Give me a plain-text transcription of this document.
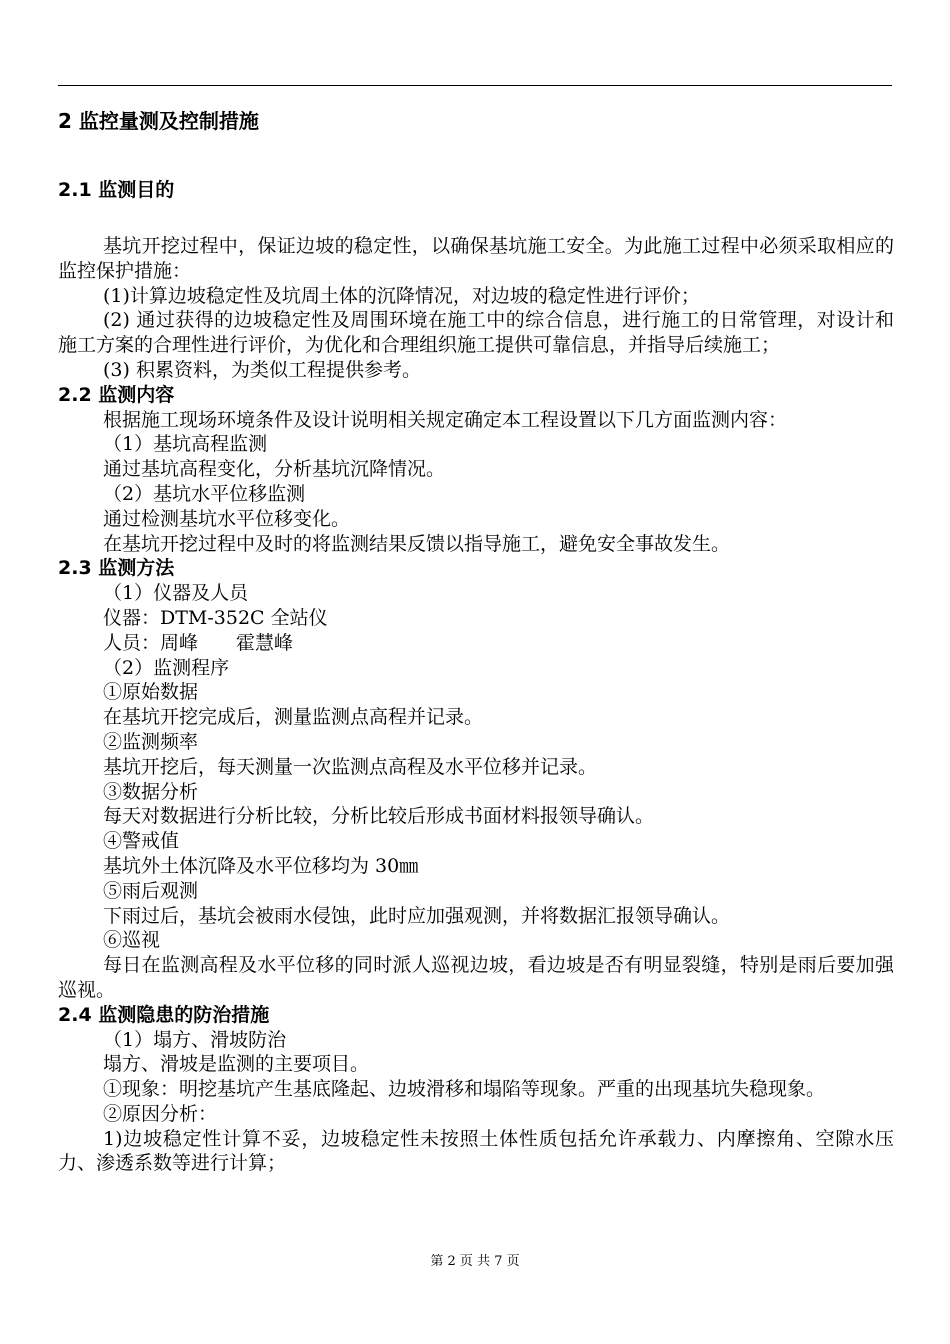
2 监控量测及控制措施
2.1 监测目的

基坑开挖过程中，保证边坡的稳定性，以确保基坑施工安全。为此施工过程中必须采取相应的监控保护措施：

(1)计算边坡稳定性及坑周土体的沉降情况，对边坡的稳定性进行评价；

(2) 通过获得的边坡稳定性及周围环境在施工中的综合信息，进行施工的日常管理，对设计和施工方案的合理性进行评价，为优化和合理组织施工提供可靠信息，并指导后续施工；

(3) 积累资料，为类似工程提供参考。

2.2 监测内容

根据施工现场环境条件及设计说明相关规定确定本工程设置以下几方面监测内容：

（1）基坑高程监测

通过基坑高程变化，分析基坑沉降情况。

（2）基坑水平位移监测

通过检测基坑水平位移变化。

在基坑开挖过程中及时的将监测结果反馈以指导施工，避免安全事故发生。

2.3 监测方法

（1）仪器及人员

仪器：DTM-352C 全站仪

人员：周峰　　霍慧峰

（2）监测程序

①原始数据

在基坑开挖完成后，测量监测点高程并记录。

②监测频率

基坑开挖后，每天测量一次监测点高程及水平位移并记录。

③数据分析

每天对数据进行分析比较，分析比较后形成书面材料报领导确认。

④警戒值

基坑外土体沉降及水平位移均为 30㎜

⑤雨后观测

下雨过后，基坑会被雨水侵蚀，此时应加强观测，并将数据汇报领导确认。

⑥巡视

每日在监测高程及水平位移的同时派人巡视边坡，看边坡是否有明显裂缝，特别是雨后要加强巡视。

2.4 监测隐患的防治措施

（1）塌方、滑坡防治

塌方、滑坡是监测的主要项目。

①现象：明挖基坑产生基底隆起、边坡滑移和塌陷等现象。严重的出现基坑失稳现象。

②原因分析：

1)边坡稳定性计算不妥，边坡稳定性未按照土体性质包括允许承载力、内摩擦角、空隙水压力、渗透系数等进行计算；

第 2 页 共 7 页
